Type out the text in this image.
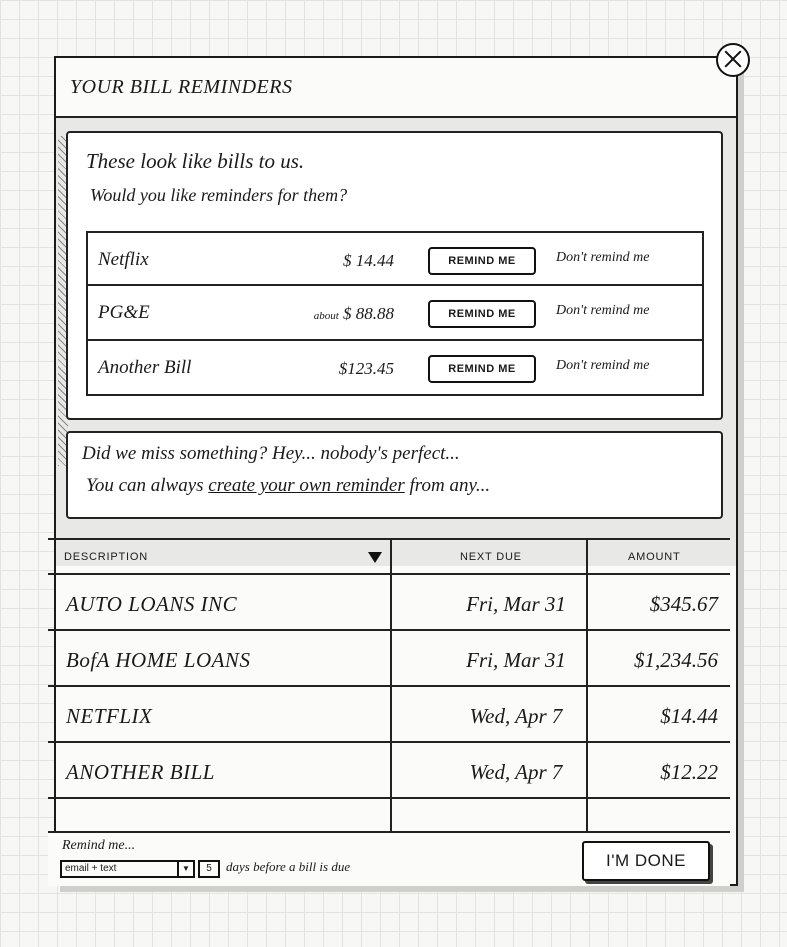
YOUR BILL REMINDERS
These look like bills to us.
Would you like reminders for them?
Netflix	$ 14.44	REMIND ME	Don't remind me
PG&E	about $ 88.88	REMIND ME	Don't remind me
Another Bill	$123.45	REMIND ME	Don't remind me
Did we miss something? Hey... nobody's perfect...
You can always create your own reminder from any...
DESCRIPTION	NEXT DUE	AMOUNT
AUTO LOANS INC	Fri, Mar 31	$345.67
BofA HOME LOANS	Fri, Mar 31	$1,234.56
NETFLIX	Wed, Apr 7	$14.44
ANOTHER BILL	Wed, Apr 7	$12.22
Remind me...
email + text	▼	5	days before a bill is due	I'M DONE
